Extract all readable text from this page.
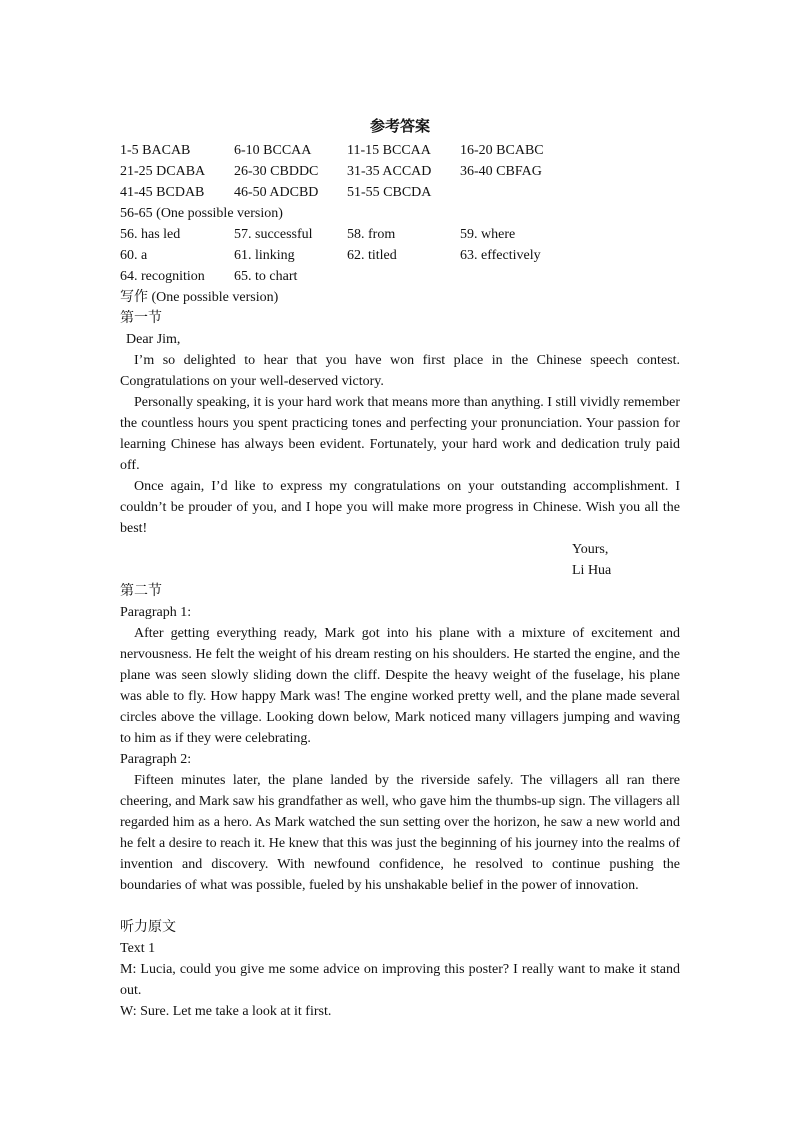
参考答案
1-5 BACAB	6-10 BCCAA	11-15 BCCAA	16-20 BCABC
21-25 DCABA	26-30 CBDDC	31-35 ACCAD	36-40 CBFAG
41-45 BCDAB	46-50 ADCBD	51-55 CBCDA
56-65 (One possible version)
56. has led	57. successful	58. from	59. where
60. a	61. linking	62. titled	63. effectively
64. recognition	65. to chart
写作 (One possible version)
第一节
Dear Jim,

I’m so delighted to hear that you have won first place in the Chinese speech contest. Congratulations on your well-deserved victory.

Personally speaking, it is your hard work that means more than anything. I still vividly remember the countless hours you spent practicing tones and perfecting your pronunciation. Your passion for learning Chinese has always been evident. Fortunately, your hard work and dedication truly paid off.

Once again, I’d like to express my congratulations on your outstanding accomplishment. I couldn’t be prouder of you, and I hope you will make more progress in Chinese. Wish you all the best!

Yours,
Li Hua
第二节
Paragraph 1:

After getting everything ready, Mark got into his plane with a mixture of excitement and nervousness. He felt the weight of his dream resting on his shoulders. He started the engine, and the plane was seen slowly sliding down the cliff. Despite the heavy weight of the fuselage, his plane was able to fly. How happy Mark was! The engine worked pretty well, and the plane made several circles above the village. Looking down below, Mark noticed many villagers jumping and waving to him as if they were celebrating.

Paragraph 2:

Fifteen minutes later, the plane landed by the riverside safely. The villagers all ran there cheering, and Mark saw his grandfather as well, who gave him the thumbs-up sign. The villagers all regarded him as a hero. As Mark watched the sun setting over the horizon, he saw a new world and he felt a desire to reach it. He knew that this was just the beginning of his journey into the realms of invention and discovery. With newfound confidence, he resolved to continue pushing the boundaries of what was possible, fueled by his unshakable belief in the power of innovation.

听力原文
Text 1

M: Lucia, could you give me some advice on improving this poster? I really want to make it stand out.

W: Sure. Let me take a look at it first.
